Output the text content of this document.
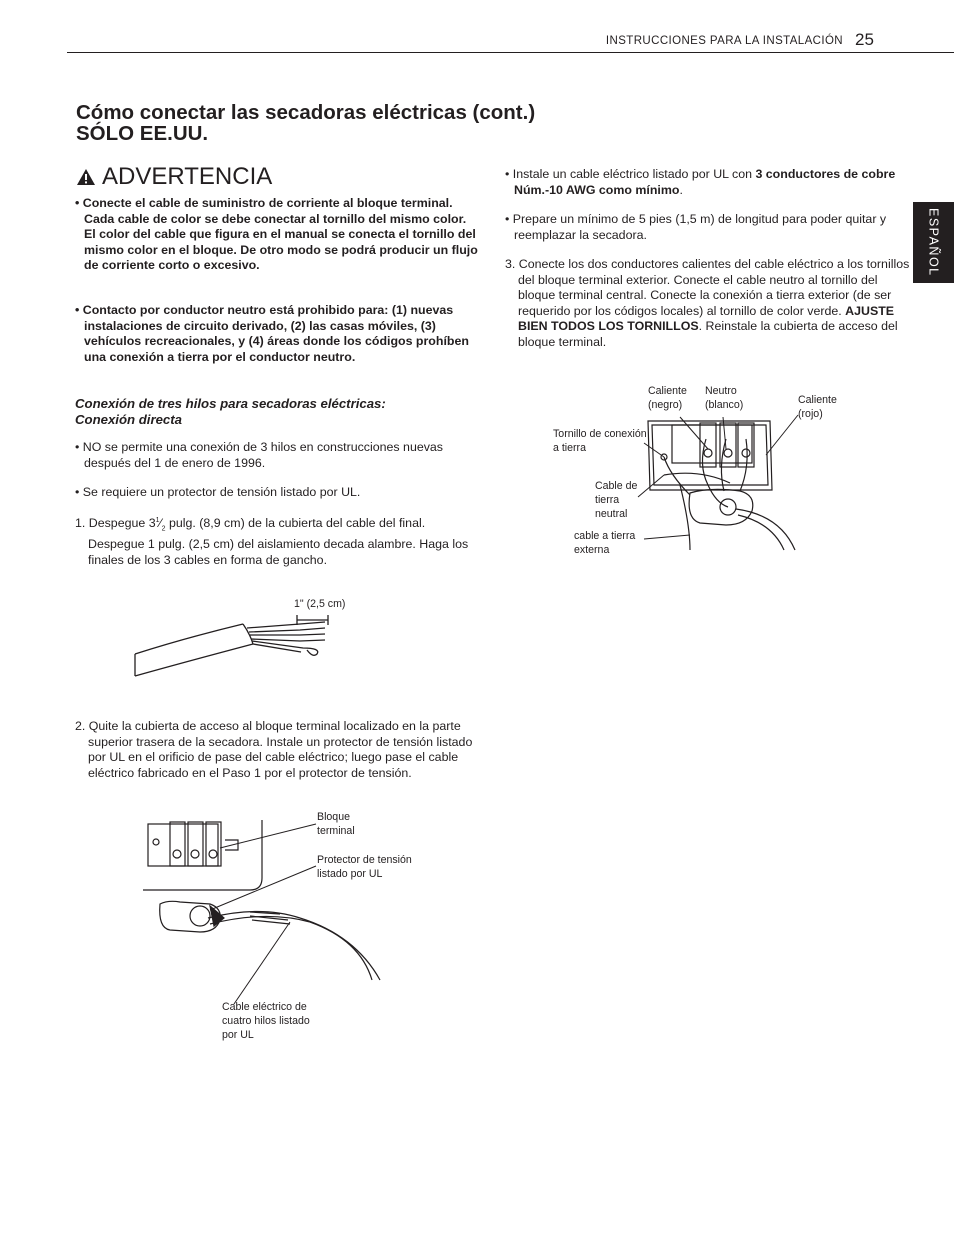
INSTRUCCIONES PARA LA INSTALACIÓN 25
ESPAÑOL
Cómo conectar las secadoras eléctricas (cont.)
SÓLO EE.UU.
ADVERTENCIA
• Conecte el cable de suministro de corriente al bloque terminal. Cada cable de color se debe conectar al tornillo del mismo color. El color del cable que figura en el manual se conecta el tornillo del mismo color en el bloque. De otro modo se podrá producir un flujo de corriente corto o excesivo.
• Contacto por conductor neutro está prohibido para: (1) nuevas instalaciones de circuito derivado, (2) las casas móviles, (3) vehículos recreacionales, y (4) áreas donde los códigos prohíben una conexión a tierra por el conductor neutro.
Conexión de tres hilos para secadoras eléctricas:
Conexión directa
• NO se permite una conexión de 3 hilos en construcciones nuevas después del 1 de enero de 1996.
• Se requiere un protector de tensión listado por UL.
1. Despegue $3^1⁄_2$ pulg. (8,9 cm) de la cubierta del cable del final. Despegue 1 pulg. (2,5 cm) del aislamiento decada alambre. Haga los finales de los 3 cables en forma de gancho.
1" (2,5 cm)
2. Quite la cubierta de acceso al bloque terminal localizado en la parte superior trasera de la secadora. Instale un protector de tensión listado por UL en el orificio de pase del cable eléctrico; luego pase el cable eléctrico fabricado en el Paso 1 por el protector de tensión.
Bloque terminal
Protector de tensión listado por UL
Cable eléctrico de cuatro hilos listado por UL
• Instale un cable eléctrico listado por UL con 3 conductores de cobre Núm.-10 AWG como mínimo.
• Prepare un mínimo de 5 pies (1,5 m) de longitud para poder quitar y reemplazar la secadora.
3. Conecte los dos conductores calientes del cable eléctrico a los tornillos del bloque terminal exterior. Conecte el cable neutro al tornillo del bloque terminal central. Conecte la conexión a tierra exterior (de ser requerido por los códigos locales) al tornillo de color verde. AJUSTE BIEN TODOS LOS TORNILLOS. Reinstale la cubierta de acceso del bloque terminal.
Caliente (negro)
Neutro (blanco)	Caliente (rojo)
Tornillo de conexión a tierra
Cable de tierra neutral
cable a tierra externa
